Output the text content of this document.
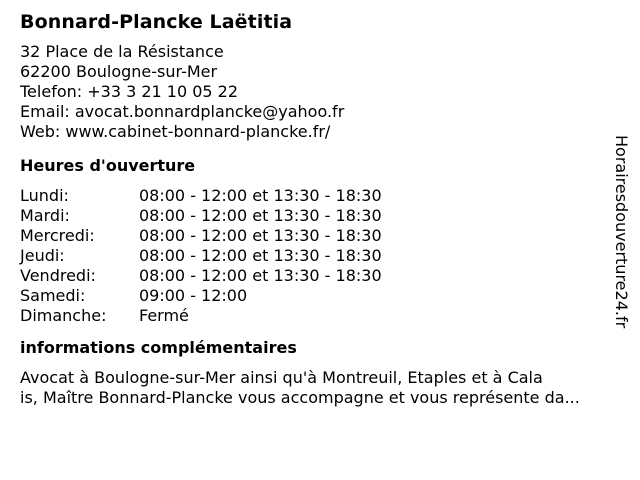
Bonnard-Plancke Laëtitia
32 Place de la Résistance
62200 Boulogne-sur-Mer
Telefon: +33 3 21 10 05 22
Email: avocat.bonnardplancke@yahoo.fr
Web: www.cabinet-bonnard-plancke.fr/
Heures d'ouverture
Lundi:	08:00 - 12:00 et 13:30 - 18:30
Mardi:	08:00 - 12:00 et 13:30 - 18:30
Mercredi:	08:00 - 12:00 et 13:30 - 18:30
Jeudi:	08:00 - 12:00 et 13:30 - 18:30
Vendredi:	08:00 - 12:00 et 13:30 - 18:30
Samedi:	09:00 - 12:00
Dimanche:	Fermé
informations complémentaires
Avocat à Boulogne-sur-Mer ainsi qu'à Montreuil, Etaples et à Cala
is, Maître Bonnard-Plancke vous accompagne et vous représente da...
Horairesdouverture24.fr
